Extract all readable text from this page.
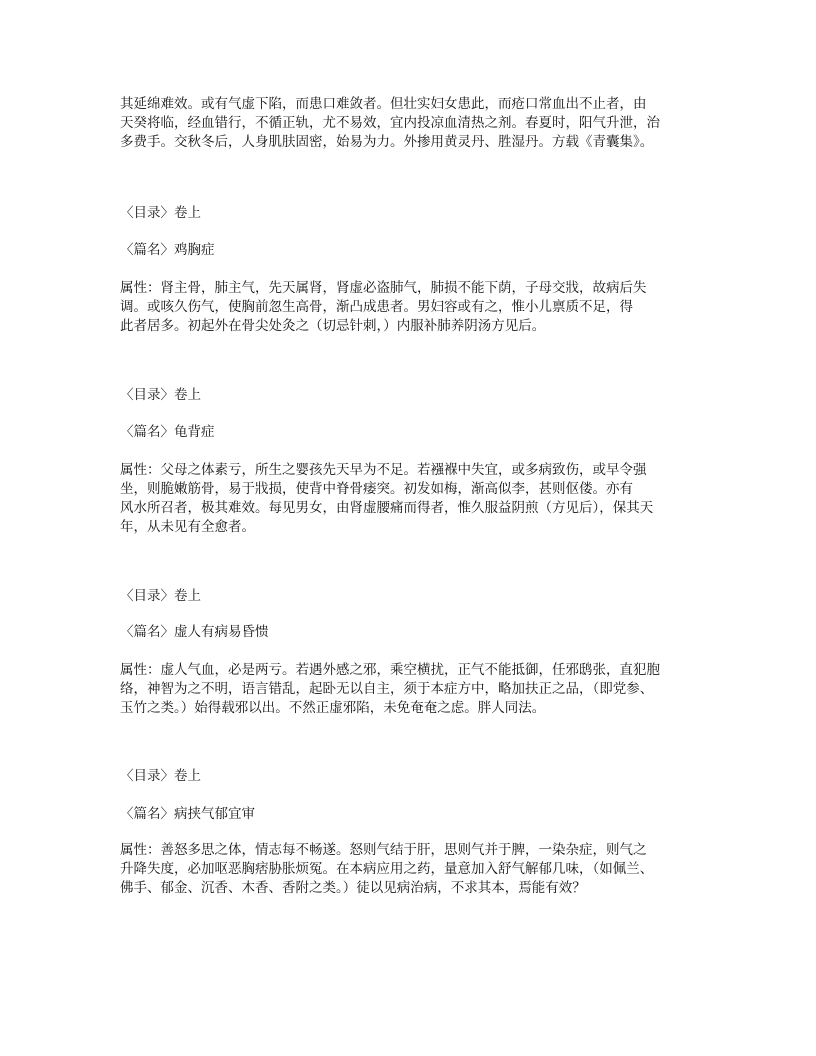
其延绵难效。或有气虚下陷，而患口难敛者。但壮实妇女患此，而疮口常血出不止者，由
天癸将临，经血错行，不循正轨，尤不易效，宜内投凉血清热之剂。春夏时，阳气升泄，治
多费手。交秋冬后，人身肌肤固密，始易为力。外掺用黄灵丹、胜湿丹。方载《青囊集》。
〈目录〉卷上
〈篇名〉鸡胸症
属性：肾主骨，肺主气，先天属肾，肾虚必盗肺气，肺损不能下荫，子母交戕，故病后失
调。或咳久伤气，使胸前忽生高骨，渐凸成患者。男妇容或有之，惟小儿禀质不足，得
此者居多。初起外在骨尖处灸之（切忌针刺，）内服补肺养阴汤方见后。
〈目录〉卷上
〈篇名〉龟背症
属性：父母之体素亏，所生之婴孩先天早为不足。若襁褓中失宜，或多病致伤，或早令强
坐，则脆嫩筋骨，易于戕损，使背中脊骨痿突。初发如梅，渐高似李，甚则伛偻。亦有
风水所召者，极其难效。每见男女，由肾虚腰痛而得者，惟久服益阴煎（方见后），保其天
年，从未见有全愈者。
〈目录〉卷上
〈篇名〉虚人有病易昏愦
属性：虚人气血，必是两亏。若遇外感之邪，乘空横扰，正气不能抵御，任邪鸱张，直犯胞
络，神智为之不明，语言错乱，起卧无以自主，须于本症方中，略加扶正之品，（即党参、
玉竹之类。）始得载邪以出。不然正虚邪陷，未免奄奄之虑。胖人同法。
〈目录〉卷上
〈篇名〉病挟气郁宜审
属性：善怒多思之体，情志每不畅遂。怒则气结于肝，思则气并于脾，一染杂症，则气之
升降失度，必加呕恶胸痞胁胀烦冤。在本病应用之药，量意加入舒气解郁几味，（如佩兰、
佛手、郁金、沉香、木香、香附之类。）徒以见病治病，不求其本，焉能有效？
